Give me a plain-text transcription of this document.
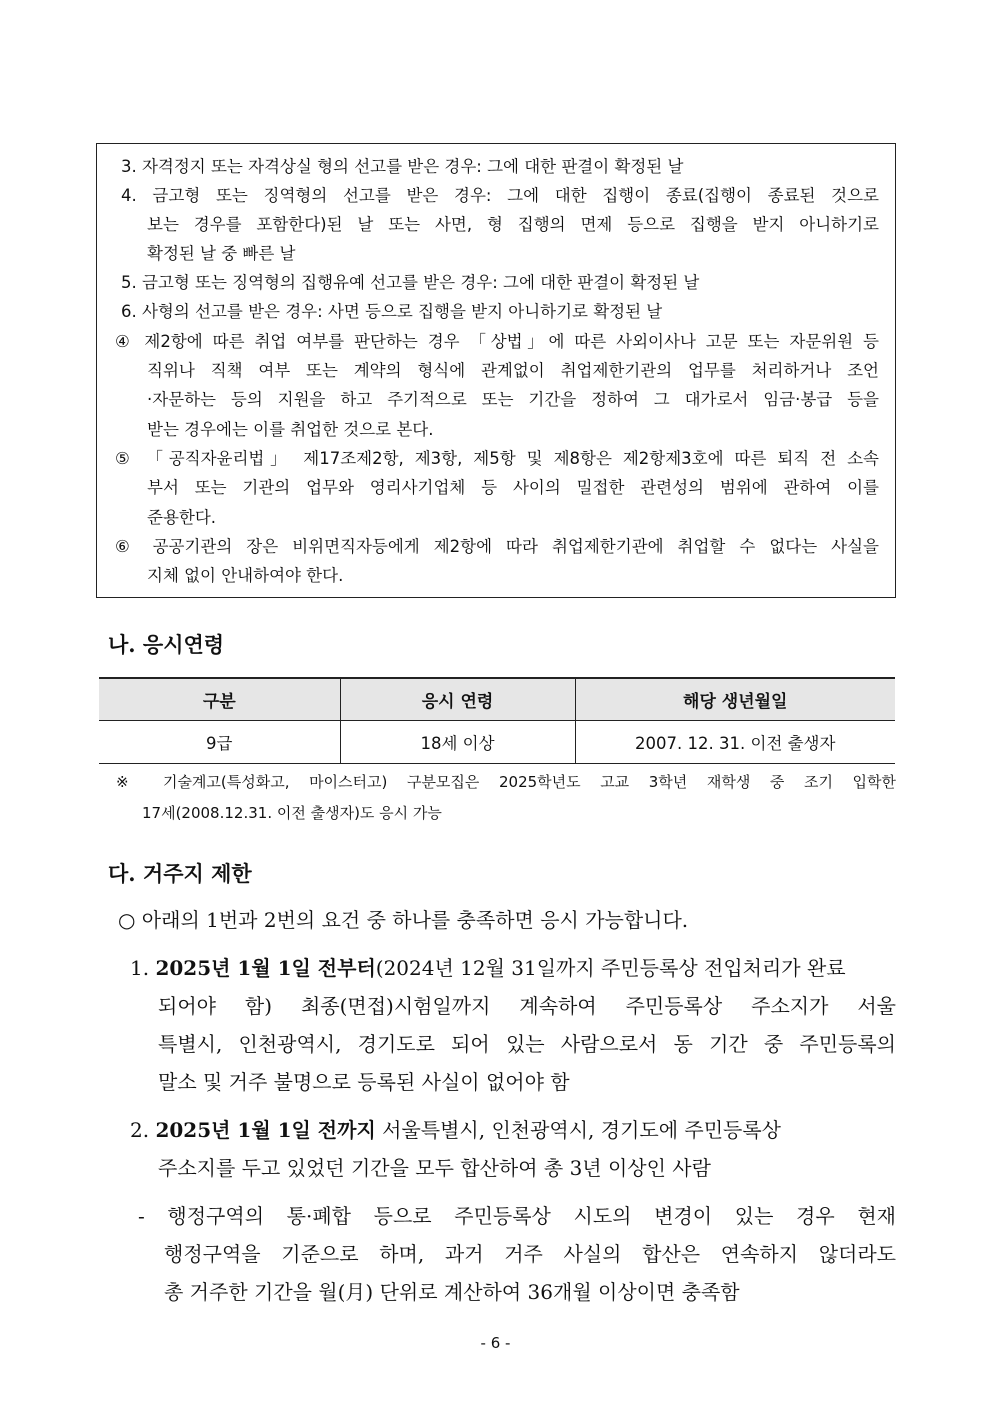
3. 자격정지 또는 자격상실 형의 선고를 받은 경우: 그에 대한 판결이 확정된 날
4. 금고형 또는 징역형의 선고를 받은 경우: 그에 대한 집행이 종료(집행이 종료된 것으로
보는 경우를 포함한다)된 날 또는 사면, 형 집행의 면제 등으로 집행을 받지 아니하기로
확정된 날 중 빠른 날
5. 금고형 또는 징역형의 집행유예 선고를 받은 경우: 그에 대한 판결이 확정된 날
6. 사형의 선고를 받은 경우: 사면 등으로 집행을 받지 아니하기로 확정된 날
④ 제2항에 따른 취업 여부를 판단하는 경우 「상법」에 따른 사외이사나 고문 또는 자문위원 등
직위나 직책 여부 또는 계약의 형식에 관계없이 취업제한기관의 업무를 처리하거나 조언
·자문하는 등의 지원을 하고 주기적으로 또는 기간을 정하여 그 대가로서 임금·봉급 등을
받는 경우에는 이를 취업한 것으로 본다.
⑤ 「공직자윤리법」 제17조제2항, 제3항, 제5항 및 제8항은 제2항제3호에 따른 퇴직 전 소속
부서 또는 기관의 업무와 영리사기업체 등 사이의 밀접한 관련성의 범위에 관하여 이를
준용한다.
⑥ 공공기관의 장은 비위면직자등에게 제2항에 따라 취업제한기관에 취업할 수 없다는 사실을
지체 없이 안내하여야 한다.
나. 응시연령
구분	응시 연령	해당 생년월일
9급	18세 이상	2007. 12. 31. 이전 출생자
※ 기술계고(특성화고, 마이스터고) 구분모집은 2025학년도 고교 3학년 재학생 중 조기 입학한
17세(2008.12.31. 이전 출생자)도 응시 가능
다. 거주지 제한
○ 아래의 1번과 2번의 요건 중 하나를 충족하면 응시 가능합니다.
1. 2025년 1월 1일 전부터(2024년 12월 31일까지 주민등록상 전입처리가 완료
되어야 함) 최종(면접)시험일까지 계속하여 주민등록상 주소지가 서울
특별시, 인천광역시, 경기도로 되어 있는 사람으로서 동 기간 중 주민등록의
말소 및 거주 불명으로 등록된 사실이 없어야 함
2. 2025년 1월 1일 전까지 서울특별시, 인천광역시, 경기도에 주민등록상
주소지를 두고 있었던 기간을 모두 합산하여 총 3년 이상인 사람
- 행정구역의 통·폐합 등으로 주민등록상 시도의 변경이 있는 경우 현재
행정구역을 기준으로 하며, 과거 거주 사실의 합산은 연속하지 않더라도
총 거주한 기간을 월(月) 단위로 계산하여 36개월 이상이면 충족함
- 6 -
